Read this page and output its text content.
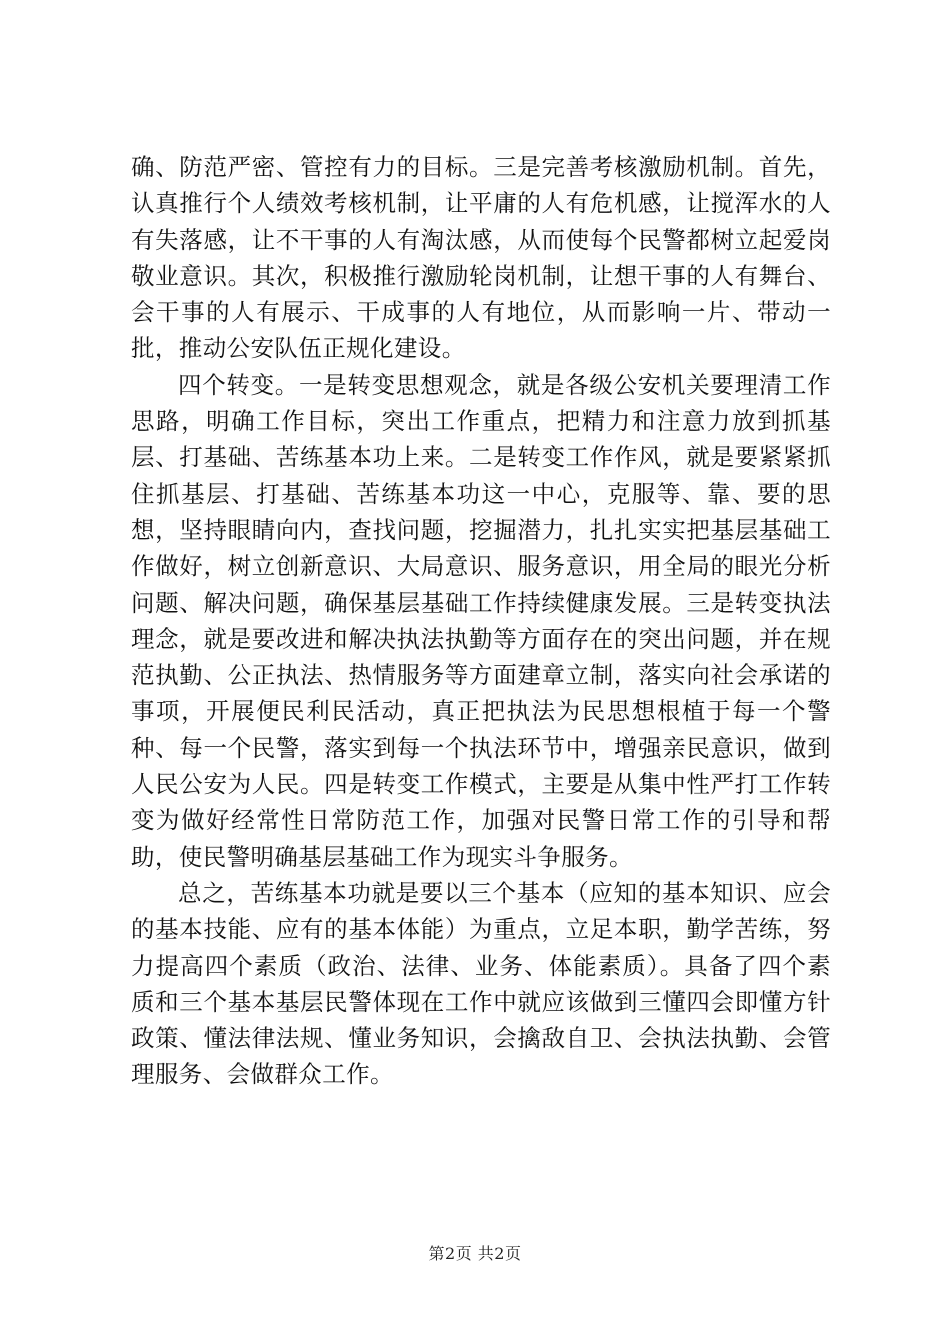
确、防范严密、管控有力的目标。三是完善考核激励机制。首先，认真推行个人绩效考核机制，让平庸的人有危机感，让搅浑水的人有失落感，让不干事的人有淘汰感，从而使每个民警都树立起爱岗敬业意识。其次，积极推行激励轮岗机制，让想干事的人有舞台、会干事的人有展示、干成事的人有地位，从而影响一片、带动一批，推动公安队伍正规化建设。

四个转变。一是转变思想观念，就是各级公安机关要理清工作思路，明确工作目标，突出工作重点，把精力和注意力放到抓基层、打基础、苦练基本功上来。二是转变工作作风，就是要紧紧抓住抓基层、打基础、苦练基本功这一中心，克服等、靠、要的思想，坚持眼睛向内，查找问题，挖掘潜力，扎扎实实把基层基础工作做好，树立创新意识、大局意识、服务意识，用全局的眼光分析问题、解决问题，确保基层基础工作持续健康发展。三是转变执法理念，就是要改进和解决执法执勤等方面存在的突出问题，并在规范执勤、公正执法、热情服务等方面建章立制，落实向社会承诺的事项，开展便民利民活动，真正把执法为民思想根植于每一个警种、每一个民警，落实到每一个执法环节中，增强亲民意识，做到人民公安为人民。四是转变工作模式，主要是从集中性严打工作转变为做好经常性日常防范工作，加强对民警日常工作的引导和帮助，使民警明确基层基础工作为现实斗争服务。

总之，苦练基本功就是要以三个基本（应知的基本知识、应会的基本技能、应有的基本体能）为重点，立足本职，勤学苦练，努力提高四个素质（政治、法律、业务、体能素质）。具备了四个素质和三个基本基层民警体现在工作中就应该做到三懂四会即懂方针政策、懂法律法规、懂业务知识，会擒敌自卫、会执法执勤、会管理服务、会做群众工作。

第2页 共2页
